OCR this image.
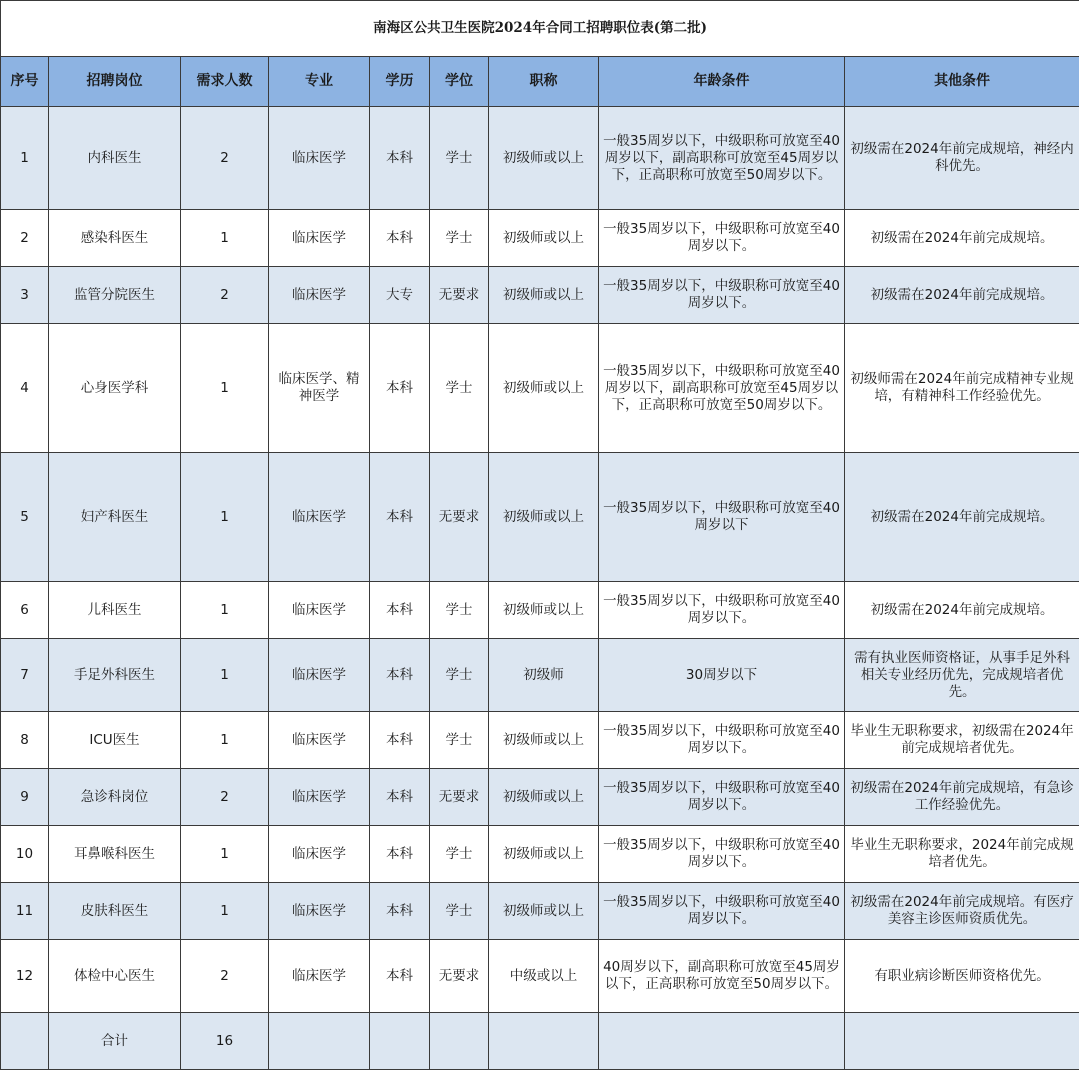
南海区公共卫生医院2024年合同工招聘职位表(第二批)								
序号	招聘岗位	需求人数	专业	学历	学位	职称	年龄条件	其他条件
1	内科医生	2	临床医学	本科	学士	初级师或以上	一般35周岁以下，中级职称可放宽至40周岁以下，副高职称可放宽至45周岁以下，正高职称可放宽至50周岁以下。	初级需在2024年前完成规培，神经内科优先。
2	感染科医生	1	临床医学	本科	学士	初级师或以上	一般35周岁以下，中级职称可放宽至40周岁以下。	初级需在2024年前完成规培。
3	监管分院医生	2	临床医学	大专	无要求	初级师或以上	一般35周岁以下，中级职称可放宽至40周岁以下。	初级需在2024年前完成规培。
4	心身医学科	1	临床医学、精神医学	本科	学士	初级师或以上	一般35周岁以下，中级职称可放宽至40周岁以下，副高职称可放宽至45周岁以下，正高职称可放宽至50周岁以下。	初级师需在2024年前完成精神专业规培，有精神科工作经验优先。
5	妇产科医生	1	临床医学	本科	无要求	初级师或以上	一般35周岁以下，中级职称可放宽至40周岁以下	初级需在2024年前完成规培。
6	儿科医生	1	临床医学	本科	学士	初级师或以上	一般35周岁以下，中级职称可放宽至40周岁以下。	初级需在2024年前完成规培。
7	手足外科医生	1	临床医学	本科	学士	初级师	30周岁以下	需有执业医师资格证，从事手足外科相关专业经历优先，完成规培者优先。
8	ICU医生	1	临床医学	本科	学士	初级师或以上	一般35周岁以下，中级职称可放宽至40周岁以下。	毕业生无职称要求，初级需在2024年前完成规培者优先。
9	急诊科岗位	2	临床医学	本科	无要求	初级师或以上	一般35周岁以下，中级职称可放宽至40周岁以下。	初级需在2024年前完成规培，有急诊工作经验优先。
10	耳鼻喉科医生	1	临床医学	本科	学士	初级师或以上	一般35周岁以下，中级职称可放宽至40周岁以下。	毕业生无职称要求，2024年前完成规培者优先。
11	皮肤科医生	1	临床医学	本科	学士	初级师或以上	一般35周岁以下，中级职称可放宽至40周岁以下。	初级需在2024年前完成规培。有医疗美容主诊医师资质优先。
12	体检中心医生	2	临床医学	本科	无要求	中级或以上	40周岁以下，副高职称可放宽至45周岁以下，正高职称可放宽至50周岁以下。	有职业病诊断医师资格优先。
	合计	16						
